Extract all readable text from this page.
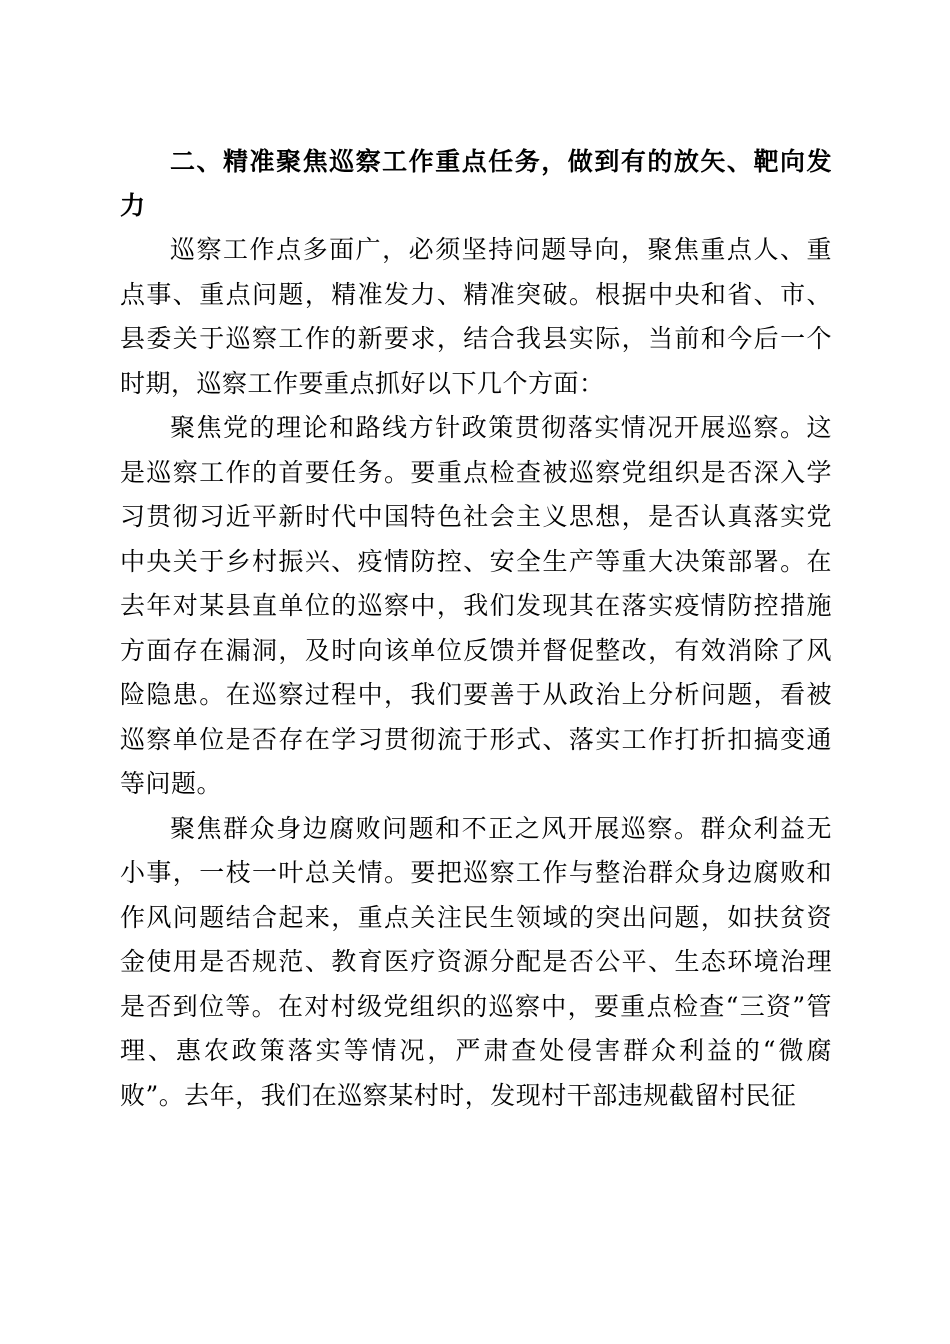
二、精准聚焦巡察工作重点任务，做到有的放矢、靶向发力

巡察工作点多面广，必须坚持问题导向，聚焦重点人、重点事、重点问题，精准发力、精准突破。根据中央和省、市、县委关于巡察工作的新要求，结合我县实际，当前和今后一个时期，巡察工作要重点抓好以下几个方面：

聚焦党的理论和路线方针政策贯彻落实情况开展巡察。这是巡察工作的首要任务。要重点检查被巡察党组织是否深入学习贯彻习近平新时代中国特色社会主义思想，是否认真落实党中央关于乡村振兴、疫情防控、安全生产等重大决策部署。在去年对某县直单位的巡察中，我们发现其在落实疫情防控措施方面存在漏洞，及时向该单位反馈并督促整改，有效消除了风险隐患。在巡察过程中，我们要善于从政治上分析问题，看被巡察单位是否存在学习贯彻流于形式、落实工作打折扣搞变通等问题。

聚焦群众身边腐败问题和不正之风开展巡察。群众利益无小事，一枝一叶总关情。要把巡察工作与整治群众身边腐败和作风问题结合起来，重点关注民生领域的突出问题，如扶贫资金使用是否规范、教育医疗资源分配是否公平、生态环境治理是否到位等。在对村级党组织的巡察中，要重点检查“三资”管理、惠农政策落实等情况，严肃查处侵害群众利益的“微腐败”。去年，我们在巡察某村时，发现村干部违规截留村民征
